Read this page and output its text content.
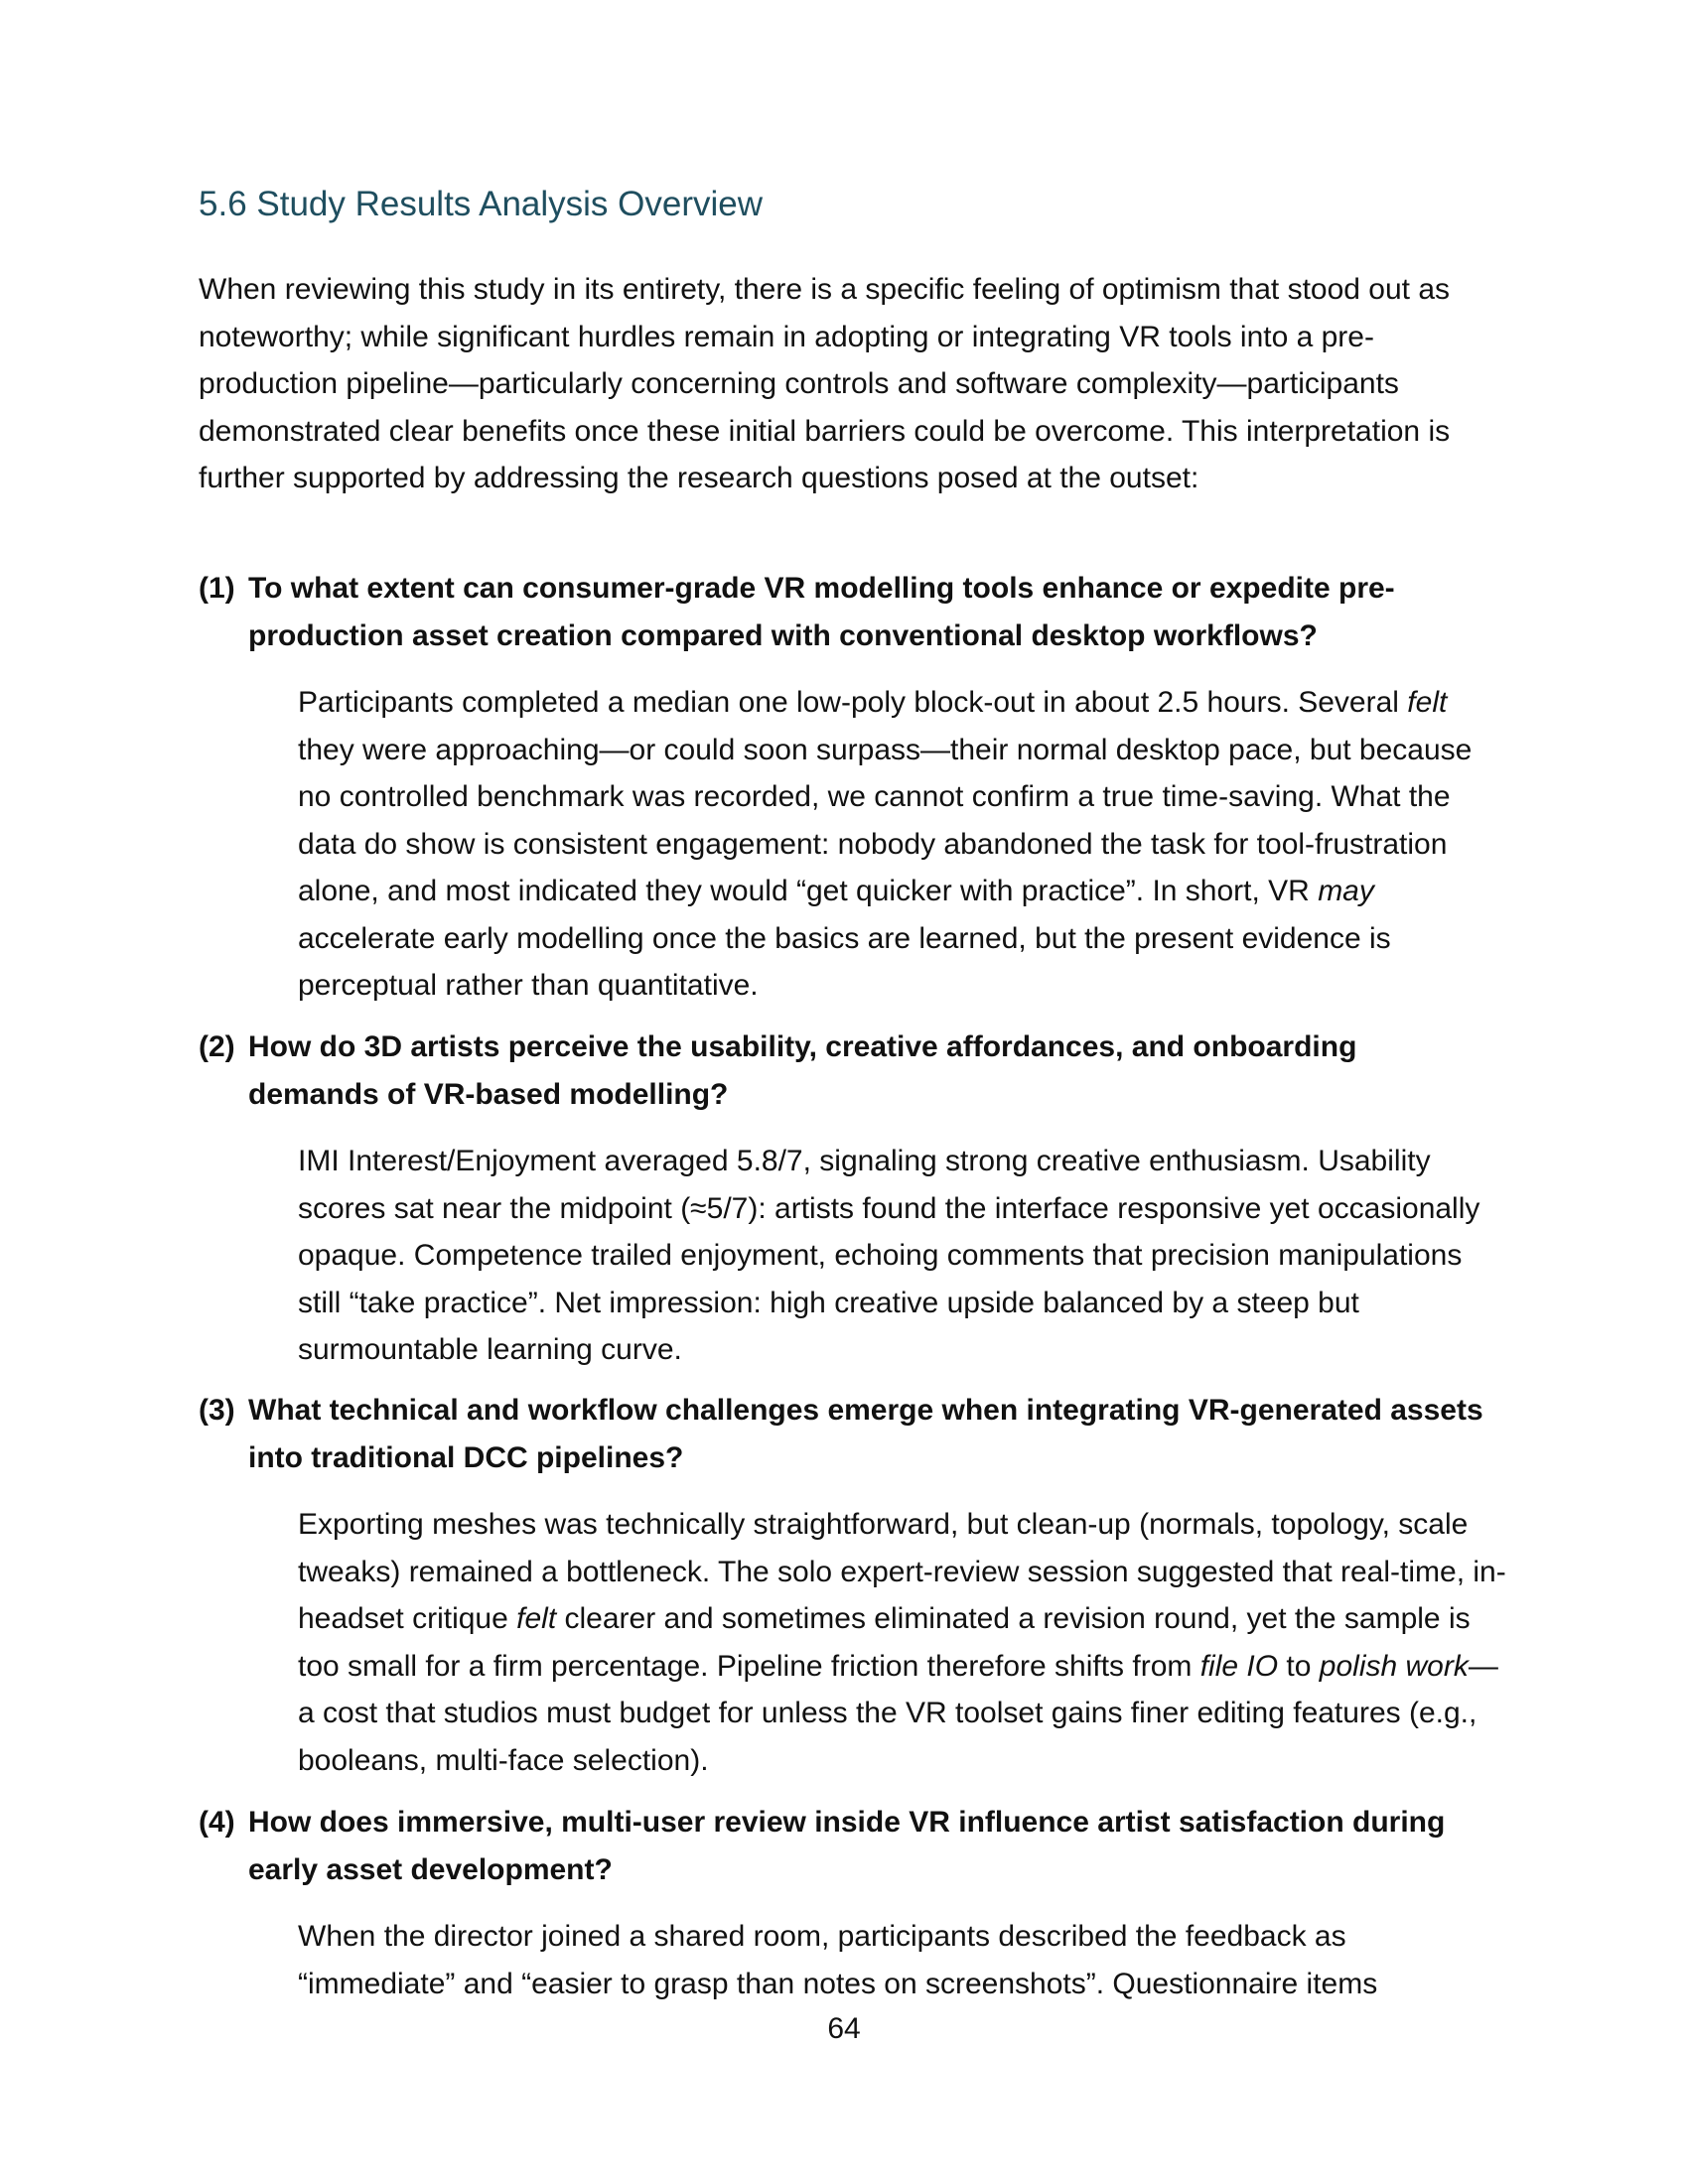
5.6 Study Results Analysis Overview

When reviewing this study in its entirety, there is a specific feeling of optimism that stood out as noteworthy; while significant hurdles remain in adopting or integrating VR tools into a pre-production pipeline—particularly concerning controls and software complexity—participants demonstrated clear benefits once these initial barriers could be overcome. This interpretation is further supported by addressing the research questions posed at the outset:

(1) To what extent can consumer-grade VR modelling tools enhance or expedite pre-production asset creation compared with conventional desktop workflows?

Participants completed a median one low-poly block-out in about 2.5 hours. Several felt they were approaching—or could soon surpass—their normal desktop pace, but because no controlled benchmark was recorded, we cannot confirm a true time-saving. What the data do show is consistent engagement: nobody abandoned the task for tool-frustration alone, and most indicated they would “get quicker with practice”. In short, VR may accelerate early modelling once the basics are learned, but the present evidence is perceptual rather than quantitative.

(2) How do 3D artists perceive the usability, creative affordances, and onboarding demands of VR-based modelling?

IMI Interest/Enjoyment averaged 5.8/7, signaling strong creative enthusiasm. Usability scores sat near the midpoint (≈5/7): artists found the interface responsive yet occasionally opaque. Competence trailed enjoyment, echoing comments that precision manipulations still “take practice”. Net impression: high creative upside balanced by a steep but surmountable learning curve.

(3) What technical and workflow challenges emerge when integrating VR-generated assets into traditional DCC pipelines?

Exporting meshes was technically straightforward, but clean-up (normals, topology, scale tweaks) remained a bottleneck. The solo expert-review session suggested that real-time, in-headset critique felt clearer and sometimes eliminated a revision round, yet the sample is too small for a firm percentage. Pipeline friction therefore shifts from file IO to polish work—a cost that studios must budget for unless the VR toolset gains finer editing features (e.g., booleans, multi-face selection).

(4) How does immersive, multi-user review inside VR influence artist satisfaction during early asset development?

When the director joined a shared room, participants described the feedback as “immediate” and “easier to grasp than notes on screenshots”. Questionnaire items

64
